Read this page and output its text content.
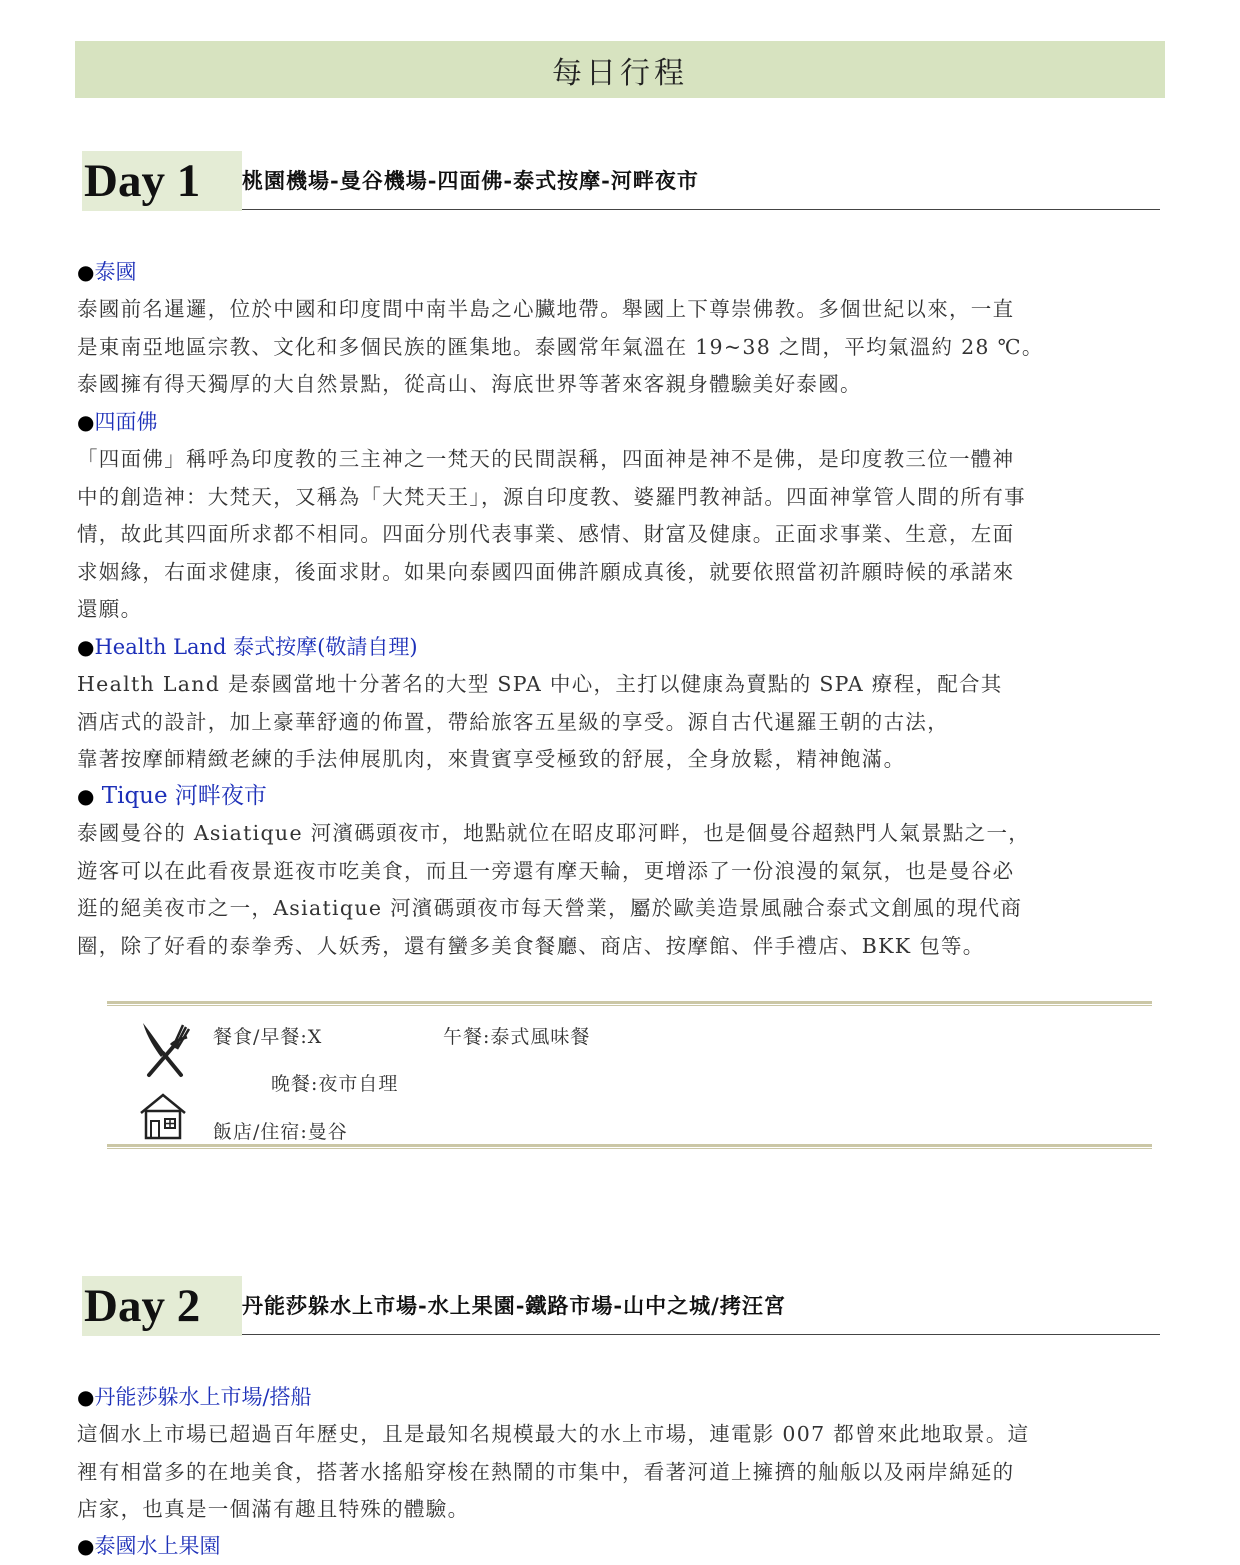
每日行程
Day 1	桃園機場-曼谷機場-四面佛-泰式按摩-河畔夜市
●泰國
泰國前名暹邏，位於中國和印度間中南半島之心臟地帶。舉國上下尊崇佛教。多個世紀以來，一直
是東南亞地區宗教、文化和多個民族的匯集地。泰國常年氣溫在 19~38 之間，平均氣溫約 28 ℃。
泰國擁有得天獨厚的大自然景點，從高山、海底世界等著來客親身體驗美好泰國。
●四面佛
「四面佛」稱呼為印度教的三主神之一梵天的民間誤稱，四面神是神不是佛，是印度教三位一體神
中的創造神：大梵天，又稱為「大梵天王」，源自印度教、婆羅門教神話。四面神掌管人間的所有事
情，故此其四面所求都不相同。四面分別代表事業、感情、財富及健康。正面求事業、生意，左面
求姻緣，右面求健康，後面求財。如果向泰國四面佛許願成真後，就要依照當初許願時候的承諾來
還願。
●Health Land 泰式按摩(敬請自理)
Health Land 是泰國當地十分著名的大型 SPA 中心，主打以健康為賣點的 SPA 療程，配合其
酒店式的設計，加上豪華舒適的佈置，帶給旅客五星級的享受。源自古代暹羅王朝的古法，
靠著按摩師精緻老練的手法伸展肌肉，來貴賓享受極致的舒展，全身放鬆，精神飽滿。
● Tique 河畔夜市
泰國曼谷的 Asiatique 河濱碼頭夜市，地點就位在昭皮耶河畔，也是個曼谷超熱門人氣景點之一，
遊客可以在此看夜景逛夜市吃美食，而且一旁還有摩天輪，更增添了一份浪漫的氣氛，也是曼谷必
逛的絕美夜市之一，Asiatique 河濱碼頭夜市每天營業，屬於歐美造景風融合泰式文創風的現代商
圈，除了好看的泰拳秀、人妖秀，還有蠻多美食餐廳、商店、按摩館、伴手禮店、BKK 包等。
餐食/早餐:X	午餐:泰式風味餐
晚餐:夜市自理
飯店/住宿:曼谷
Day 2	丹能莎躲水上市場-水上果園-鐵路市場-山中之城/拷汪宮
●丹能莎躲水上市場/搭船
這個水上市場已超過百年歷史，且是最知名規模最大的水上市場，連電影 007 都曾來此地取景。這
裡有相當多的在地美食，搭著水搖船穿梭在熱鬧的市集中，看著河道上擁擠的舢舨以及兩岸綿延的
店家，也真是一個滿有趣且特殊的體驗。
●泰國水上果園
